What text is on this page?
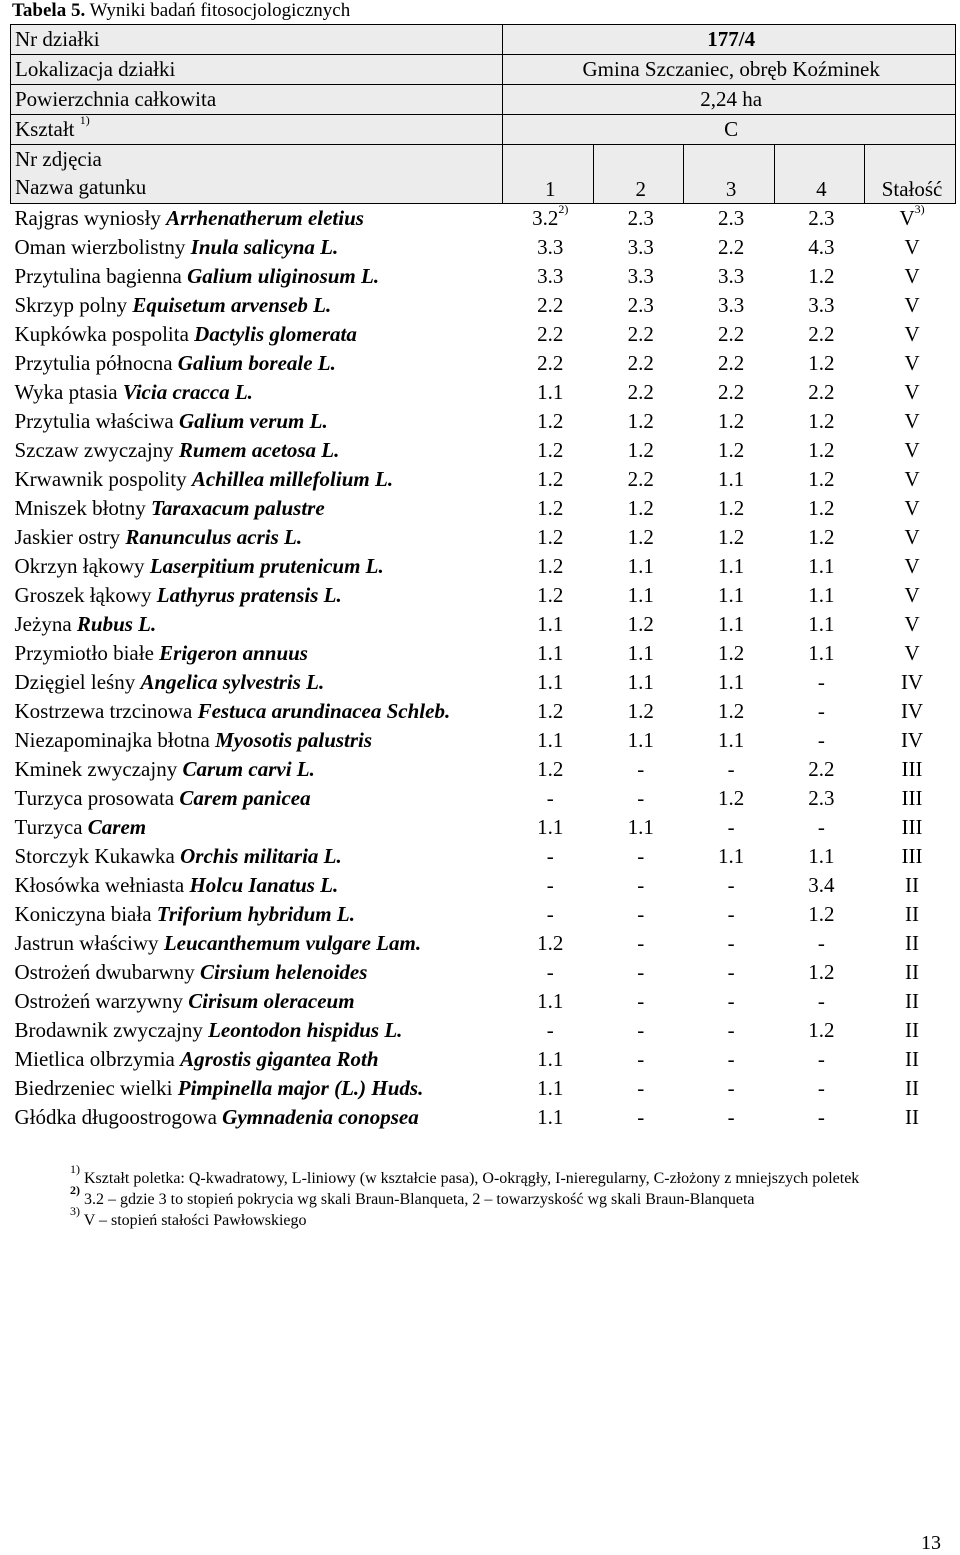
Tabela 5. Wyniki badań fitosocjologicznych
Nr działki	177/4				
Lokalizacja działki	Gmina Szczaniec, obręb Koźminek				
Powierzchnia całkowita	2,24 ha				
Kształt $^{1)}$	C				

Nr zdjęcia
Nazwa gatunku	1	2	3	4	Stałość
Rajgras wyniosły Arrhenatherum eletius	3.2$^{2)}$	2.3	2.3	2.3	$V^{3)}$
Oman wierzbolistny Inula salicyna L.	3.3	3.3	2.2	4.3	V
Przytulina bagienna Galium uliginosum L.	3.3	3.3	3.3	1.2	V
Skrzyp polny Equisetum arvenseb L.	2.2	2.3	3.3	3.3	V
Kupkówka pospolita Dactylis glomerata	2.2	2.2	2.2	2.2	V
Przytulia północna Galium boreale L.	2.2	2.2	2.2	1.2	V
Wyka ptasia Vicia cracca L.	1.1	2.2	2.2	2.2	V
Przytulia właściwa Galium verum L.	1.2	1.2	1.2	1.2	V
Szczaw zwyczajny Rumem acetosa L.	1.2	1.2	1.2	1.2	V
Krwawnik pospolity Achillea millefolium L.	1.2	2.2	1.1	1.2	V
Mniszek błotny Taraxacum palustre	1.2	1.2	1.2	1.2	V
Jaskier ostry Ranunculus acris L.	1.2	1.2	1.2	1.2	V
Okrzyn łąkowy Laserpitium prutenicum L.	1.2	1.1	1.1	1.1	V
Groszek łąkowy Lathyrus pratensis L.	1.2	1.1	1.1	1.1	V
Jeżyna Rubus L.	1.1	1.2	1.1	1.1	V
Przymiotło białe Erigeron annuus	1.1	1.1	1.2	1.1	V
Dzięgiel leśny Angelica sylvestris L.	1.1	1.1	1.1	-	IV
Kostrzewa trzcinowa Festuca arundinacea Schleb.	1.2	1.2	1.2	-	IV
Niezapominajka błotna Myosotis palustris	1.1	1.1	1.1	-	IV
Kminek zwyczajny Carum carvi L.	1.2	-	-	2.2	III
Turzyca prosowata Carem panicea	-	-	1.2	2.3	III
Turzyca Carem	1.1	1.1	-	-	III
Storczyk Kukawka Orchis militaria L.	-	-	1.1	1.1	III
Kłosówka wełniasta Holcu Ianatus L.	-	-	-	3.4	II
Koniczyna biała Triforium hybridum L.	-	-	-	1.2	II
Jastrun właściwy Leucanthemum vulgare Lam.	1.2	-	-	-	II
Ostrożeń dwubarwny Cirsium helenoides	-	-	-	1.2	II
Ostrożeń warzywny Cirisum oleraceum	1.1	-	-	-	II
Brodawnik zwyczajny Leontodon hispidus L.	-	-	-	1.2	II
Mietlica olbrzymia Agrostis gigantea Roth	1.1	-	-	-	II
Biedrzeniec wielki Pimpinella major (L.) Huds.	1.1	-	-	-	II
Głódka długoostrogowa Gymnadenia conopsea	1.1	-	-	-	II

$^{1)}$ Kształt poletka: Q-kwadratowy, L-liniowy (w kształcie pasa), O-okrągły, I-nieregularny, C-złożony z mniejszych poletek

$^{2)}$ 3.2 – gdzie 3 to stopień pokrycia wg skali Braun-Blanqueta, 2 – towarzyskość wg skali Braun-Blanqueta

$^{3)}$ V – stopień stałości Pawłowskiego

13
